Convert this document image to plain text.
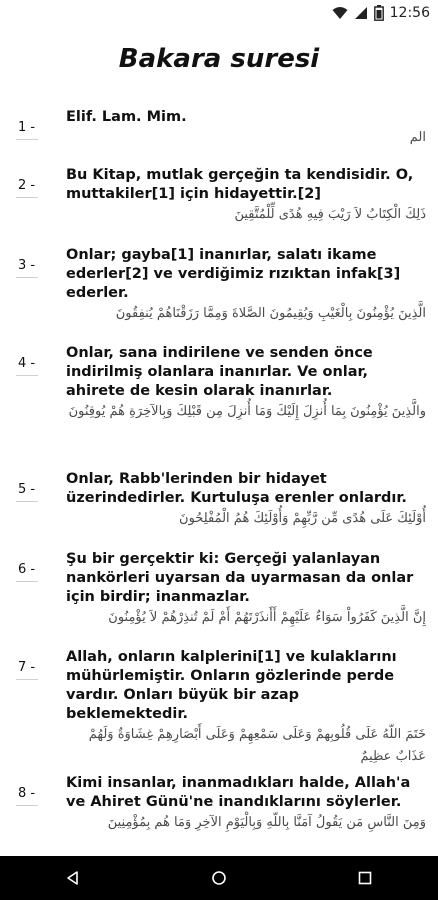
12:56
Bakara suresi
1 -

Elif. Lam. Mim.

الم

2 -

Bu Kitap, mutlak gerçeğin ta kendisidir. O, muttakiler[1] için hidayettir.[2]

ذَلِكَ الْكِتَابُ لاَ رَيْبَ فِيهِ هُدًى لِّلْمُتَّقِينَ

3 -

Onlar; gayba[1] inanırlar, salatı ikame ederler[2] ve verdiğimiz rızıktan infak[3] ederler.

الَّذِينَ يُؤْمِنُونَ بِالْغَيْبِ وَيُقِيمُونَ الصَّلاةَ وَمِمَّا رَزَقْنَاهُمْ يُنفِقُونَ

4 -

Onlar, sana indirilene ve senden önce indirilmiş olanlara inanırlar. Ve onlar, ahirete de kesin olarak inanırlar.

والَّذِينَ يُؤْمِنُونَ بِمَا أُنزِلَ إِلَيْكَ وَمَا أُنزِلَ مِن قَبْلِكَ وَبِالآخِرَةِ هُمْ يُوقِنُونَ

5 -

Onlar, Rabb'lerinden bir hidayet üzerindedirler. Kurtuluşa erenler onlardır.

أُوْلَئِكَ عَلَى هُدًى مِّن رَّبِّهِمْ وَأُوْلَئِكَ هُمُ الْمُفْلِحُونَ

6 -

Şu bir gerçektir ki: Gerçeği yalanlayan nankörleri uyarsan da uyarmasan da onlar için birdir; inanmazlar.

إِنَّ الَّذِينَ كَفَرُواْ سَوَاءٌ عَلَيْهِمْ أَأَنذَرْتَهُمْ أَمْ لَمْ تُنذِرْهُمْ لاَ يُؤْمِنُونَ

7 -

Allah, onların kalplerini[1] ve kulaklarını mühürlemiştir. Onların gözlerinde perde vardır. Onları büyük bir azap beklemektedir.

خَتَمَ اللّهُ عَلَى قُلُوبِهمْ وَعَلَى سَمْعِهِمْ وَعَلَى أَبْصَارِهِمْ غِشَاوَةٌ وَلَهُمْ عَذَابٌ عظِيمٌ

8 -

Kimi insanlar, inanmadıkları halde, Allah'a ve Ahiret Günü'ne inandıklarını söylerler.

وَمِنَ النَّاسِ مَن يَقُولُ آمَنَّا بِاللّهِ وَبِالْيَوْمِ الآخِرِ وَمَا هُم بِمُؤْمِنِينَ
